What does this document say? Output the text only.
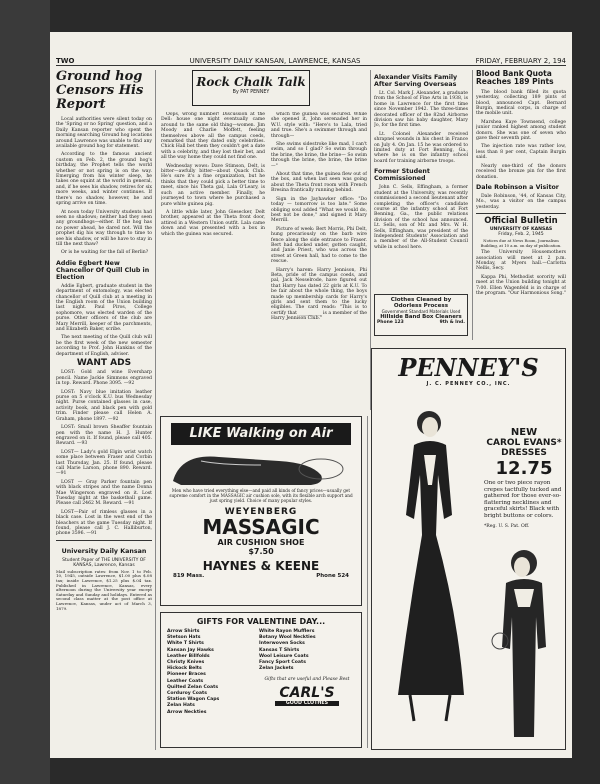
TWO	UNIVERSITY DAILY KANSAN, LAWRENCE, KANSAS	FRIDAY, FEBRUARY 2, 194
Ground hog Censors His Report

Local authorities were silent today on the 'Spring or no Spring' question, and a Daily Kansan reporter who spent the morning searching Ground hog locations around Lawrence was unable to find any available ground hog for statement.

According to the famous ancient custom on Feb. 2, the ground hog's birthday, the Prophet tells the world whether or not spring is on the way. Emerging from his winter sleep, he takes one squint at the world in general, and, if he sees his shadow, retires for six more weeks, and winter continues. If there's no shadow, however, he and spring arrive on time.

At noon today University students had seen no shadows; neither had they seen any groundhogs—either. If the hog has no power ahead, he dared not. Will the prophet dig his way through to time to see his shadow, or will he have to stay in till the next thaw?

Or is he waiting for the fall of Berlin?

Addie Egbert New Chancellor Of Quill Club in Election

Addie Egbert, graduate student in the department of entomology, was elected chancellor of Quill club at a meeting in the English room of the Union building last night. Paul Piros, College sophomore, was elected warden of the purse. Other officers of the club are Mary Merrill, keeper of the parchments, and Elizabeth Baker, scribe.

The next meeting of the Quill club will be the first week of the new semester according to Prof. John Hankins of the department of English, adviser.

WANT ADS

LOST: Gold and wine Eversharp pencil. Name Jackie Simmons engraved in top. Reward. Phone 3095. —92

LOST: Navy blue imitation leather purse on 5 o'clock K.U. bus Wednesday night. Purse contained glasses in case, activity book, and black pen with gold trim. Finder please call Helen A. Graham, phone 1897. —92

LOST: Small brown Sheaffer fountain pen with the name H. J. Hunter engraved on it. If found, please call 405. Reward. —93

LOST— Lady's gold Elgin wrist watch some place between Fraser and Corbin last Thursday, Jan. 25. If found, please call Marie Larson, phone 890. Reward. —91

LOST — Gray Parker fountain pen with black stripes and the name Donna Mae Wingerson engraved on it. Lost Tuesday night at the basketball game. Please call 2462 M. Reward. —91

LOST—Pair of rimless glasses in a black case. Lost in the west end of the bleachers at the game Tuesday night. If found, please call J. C. Halliburton, phone 3596. —91

University Daily Kansan
Student Paper of THE UNIVERSITY OF KANSAS, Lawrence, Kansas
Mail subscription rates: from Nov. 1 to Feb. 10, 1945, outside Lawrence, $1.00 plus $.08 tax; inside Lawrence, $1.25 plus $.04 tax. Published in Lawrence, Kansas, every afternoon during the University year except Saturday and Sunday and holidays. Entered as second class matter at the post office at Lawrence, Kansas, under act of March 3, 1879.
Rock Chalk Talk
By PAT PENNEY

Oops, wrong number! Discussion at the Dell: house one night eventually came around to the same old thing—women. Jim Moody and Charlie Moffett, feeling themselves above all the campus coeds, remarked that they dated only celebrities. Chick Hall bet them they couldn't get a date with a celebrity, and they lost their bet, and all the way home they could not find one.

Wednesday wows: Dave Stimson, Delt, is bitter—awfully bitter—about Quack Club. He's sure it's a fine organization, but he thinks that they could pick a better time to meet, since his Theta gal, Lala O'Leary, is such an active member. Finally, he journeyed to town where he purchased a pure white guinea pig.

A little while later, John Giesecker, Delt brother, appeared at the Theta front door, attired in a Western Union outfit. Lala came down and was presented with a box in which the guinea was secured.

which the guinea was secured. While she opened it, John serenaded her in W.U. style with: "Here's to Lala, tried and true. She's a swimmer through and through—

She swims sidestroke like mad, I can't swim, and so I glad? So swim through the brine, the brine, the brine— So swim through the brine, the brine, the brine—"

About that time, the guinea flew out of the box, and when last seen was going about the Theta front room with French Bresina frantically running behind.

Sign in the Jayhawker office: "Do today — tomorrow is too late." Some obliging soul added "What we would do, best not be done," and signed it Mary Merrill.

Picture of week: Bert Morris, Phi Delt, hung precariously on the barb wire fence along the side entrance to Fraser. Bert had ducked under, gotten caught, and Janie Priest, who was across the street at Green hall, had to come to the rescue.

Harry's harem: Harry Jennison, Phi Beta, pride of the campus coeds, and pal, Jack Nesselrode, have figured out that Harry has dated 22 girls at K.U. To be fair about the whole thing, the boys made up membership cards for Harry's girls and sent them to the lucky eligibles. The card reads: "This is to certify that __________ is a member of the Harry Jennison Club."

Alexander Visits Family After Serving Overseas

Lt. Col. Mark J. Alexander, a graduate from the School of Fine Arts in 1938, is home in Lawrence for the first time since November 1942. The three-times decorated officer of the 82nd Airborne division saw his baby daughter, Mary Jo, for the first time.

Lt. Colonel Alexander received shrapnel wounds in his chest in France on July 4. On Jan. 15 he was ordered to limited duty at Fort Benning, Ga., where he is on the infantry school board for training airborne troops.

Former Student Commissioned

John C. Sells, Effingham, a former student at the University, was recently commissioned a second lieutenant after completing the officer's candidate course at the infantry school at Fort Benning, Ga., the public relations division of the school has announced. Lt. Sells, son of Mr. and Mrs. W. H. Sells, Effingham, was president of the Independent Students' Association and a member of the All-Student Council while in school here.

Clothes Cleaned by Odorless Process
Government Standard Materials Used
Hillside Band Box Cleaners
Phone 123	9th & Ind.
Blood Bank Quota Reaches 189 Pints

The blood bank filled its quota yesterday, collecting 189 pints of blood, announced Capt. Bernard Burgin, medical corps, in charge of the mobile unit.

Marshea Kaye Townsend, college junior ranked highest among student donors. She was one of seven who gave their seventh pint.

The injection rate was rather low, less than 8 per cent, Captain Burgin said.

Nearly one-third of the donors received the bronze pin for the first donation.

Dale Robinson a Visitor

Dale Robinson, '44, of Kansas City, Mo., was a visitor on the campus yesterday.

Official Bulletin
UNIVERSITY OF KANSAS
Friday, Feb. 2, 1945
Notices due at News Room, Journalism Building, at 10 a.m. on day of publication.

The University Housemothers association will meet at 2 p.m. Monday, at Myers hall.—Carlotta Nellis, Secy.

Kappa Phi, Methodist sorority will meet at the Union building tonight at 7:00. Ellen Wagenfeld is in charge of the program. "Our Harmonious Song."

LIKE Walking on Air
Men who have tried everything else—and paid all kinds of fancy prices—usually get supreme comfort in the MASSAGIC air cushion sole, with its flexible arch support and just spring yield. Choice of many popular styles.
WEYENBERG
MASSAGIC
AIR CUSHION SHOE
$7.50
HAYNES & KEENE
819 Mass.	Phone 524
GIFTS FOR VALENTINE DAY...
Arrow Shirts
Stetson Hats
White T Shirts
Kansan Jay Hawks
Leather Billfolds
Christy Knives
Hickock Belts
Pioneer Braces
Leather Coats
Quilted Zelan Coats
Corduroy Coats
Station Wagon Caps
Zelan Hats
Arrow Neckties
White Rayon Mufflers
Botany Wool Neckties
Interwoven Socks
Kansas T Shirts
Wool Leisure Coats
Fancy Sport Coats
Zelan Jackets
Gifts that are useful and Please Best
CARL'S
GOOD CLOTHES
PENNEY'S
J. C. PENNEY CO., INC.
NEW
CAROL EVANS* DRESSES
12.75
One or two piece rayon crepes tactfully tucked and gathered for those ever-so-flattering necklines and graceful skirts! Black with bright buttons or colors.
*Reg. U. S. Pat. Off.
